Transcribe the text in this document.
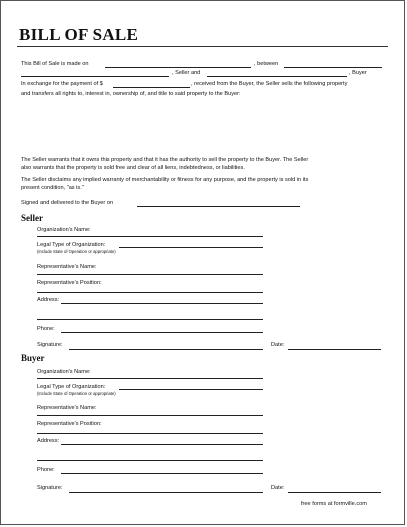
BILL OF SALE
This Bill of Sale is made on	, between
, Seller and	, Buyer
In exchange for the payment of $	, received from the Buyer, the Seller sells the following property
and transfers all rights to, interest in, ownership of, and title to said property to the Buyer:
The Seller warrants that it owns this property and that it has the authority to sell the property to the Buyer. The Seller
also warrants that the property is sold free and clear of all liens, indebtedness, or liabilities.
The Seller disclaims any implied warranty of merchantability or fitness for any purpose, and the property is sold in its
present condition, "as is."
Signed and delivered to the Buyer on
Seller
Organization's Name:
Legal Type of Organization:
(Include State of Operation or appropriate)
Representative's Name:
Representative's Position:
Address:
Phone:
Signature:	Date:
Buyer
Organization's Name:
Legal Type of Organization:
(Include State of Operation or appropriate)
Representative's Name:
Representative's Position:
Address:
Phone:
Signature:	Date:
free forms at formville.com
